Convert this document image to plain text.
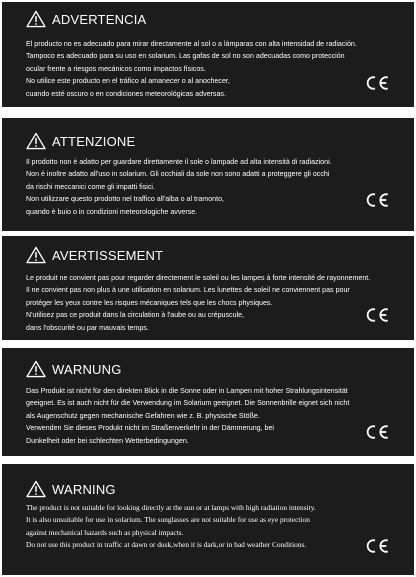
ADVERTENCIA
El producto no es adecuado para mirar directamente al sol o a lámparas con alta intensidad de radiación.
Tampoco es adecuado para su uso en solarium. Las gafas de sol no son adecuadas como protección
ocular frente a riesgos mecánicos como impactos físicos.
No utilice este producto en el tráfico al amanecer o al anochecer,
cuando esté oscuro o en condiciones meteorológicas adversas.
ATTENZIONE
Il prodotto non è adatto per guardare direttamente il sole o lampade ad alta intensità di radiazioni.
Non è inoltre adatto all'uso in solarium. Gli occhiali da sole non sono adatti a proteggere gli occhi
da rischi meccanici come gli impatti fisici.
Non utilizzare questo prodotto nel traffico all'alba o al tramonto,
quando è buio o in condizioni meteorologiche avverse.
AVERTISSEMENT
Le produit ne convient pas pour regarder directement le soleil ou les lampes à forte intensité de rayonnement.
Il ne convient pas non plus à une utilisation en solarium. Les lunettes de soleil ne conviennent pas pour
protéger les yeux contre les risques mécaniques tels que les chocs physiques.
N'utilisez pas ce produit dans la circulation à l'aube ou au crépuscule,
dans l'obscurité ou par mauvais temps.
WARNUNG
Das Produkt ist nicht für den direkten Blick in die Sonne oder in Lampen mit hoher Strahlungsintensität
geeignet. Es ist auch nicht für die Verwendung im Solarium geeignet. Die Sonnenbrille eignet sich nicht
als Augenschutz gegen mechanische Gefahren wie z. B. physische Stöße.
Verwenden Sie dieses Produkt nicht im Straßenverkehr in der Dämmerung, bei
Dunkelheit oder bei schlechten Wetterbedingungen.
WARNING
The product is not suitable for looking directly at the sun or at lamps with high radiation intensity.
It is also unsuitable for use in solarium. The sunglasses are not suitable for use as eye protection
against mechanical hazards such as physical impacts.
Do not use this product in traffic at dawn or dusk,when it is dark,or in bad weather Conditions.
